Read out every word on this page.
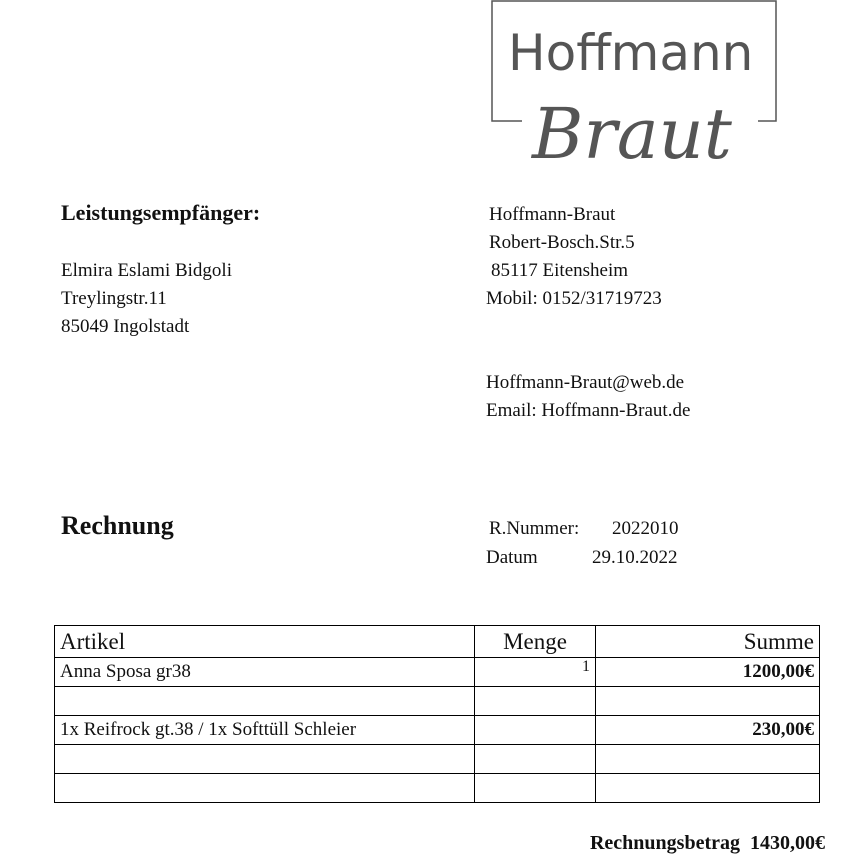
Hoffmann
Braut
Leistungsempfänger:
Elmira Eslami Bidgoli
Treylingstr.11
85049 Ingolstadt
Hoffmann-Braut
Robert-Bosch.Str.5
85117 Eitensheim
Mobil: 0152/31719723
Hoffmann-Braut@web.de
Email: Hoffmann-Braut.de
Rechnung	R.Nummer: 2022010
Datum	29.10.2022
Artikel	Menge	Summe
Anna Sposa gr38	1	1200,00€

1x Reifrock gt.38 / 1x Softtüll Schleier		230,00€

Rechnungsbetrag 1430,00€
